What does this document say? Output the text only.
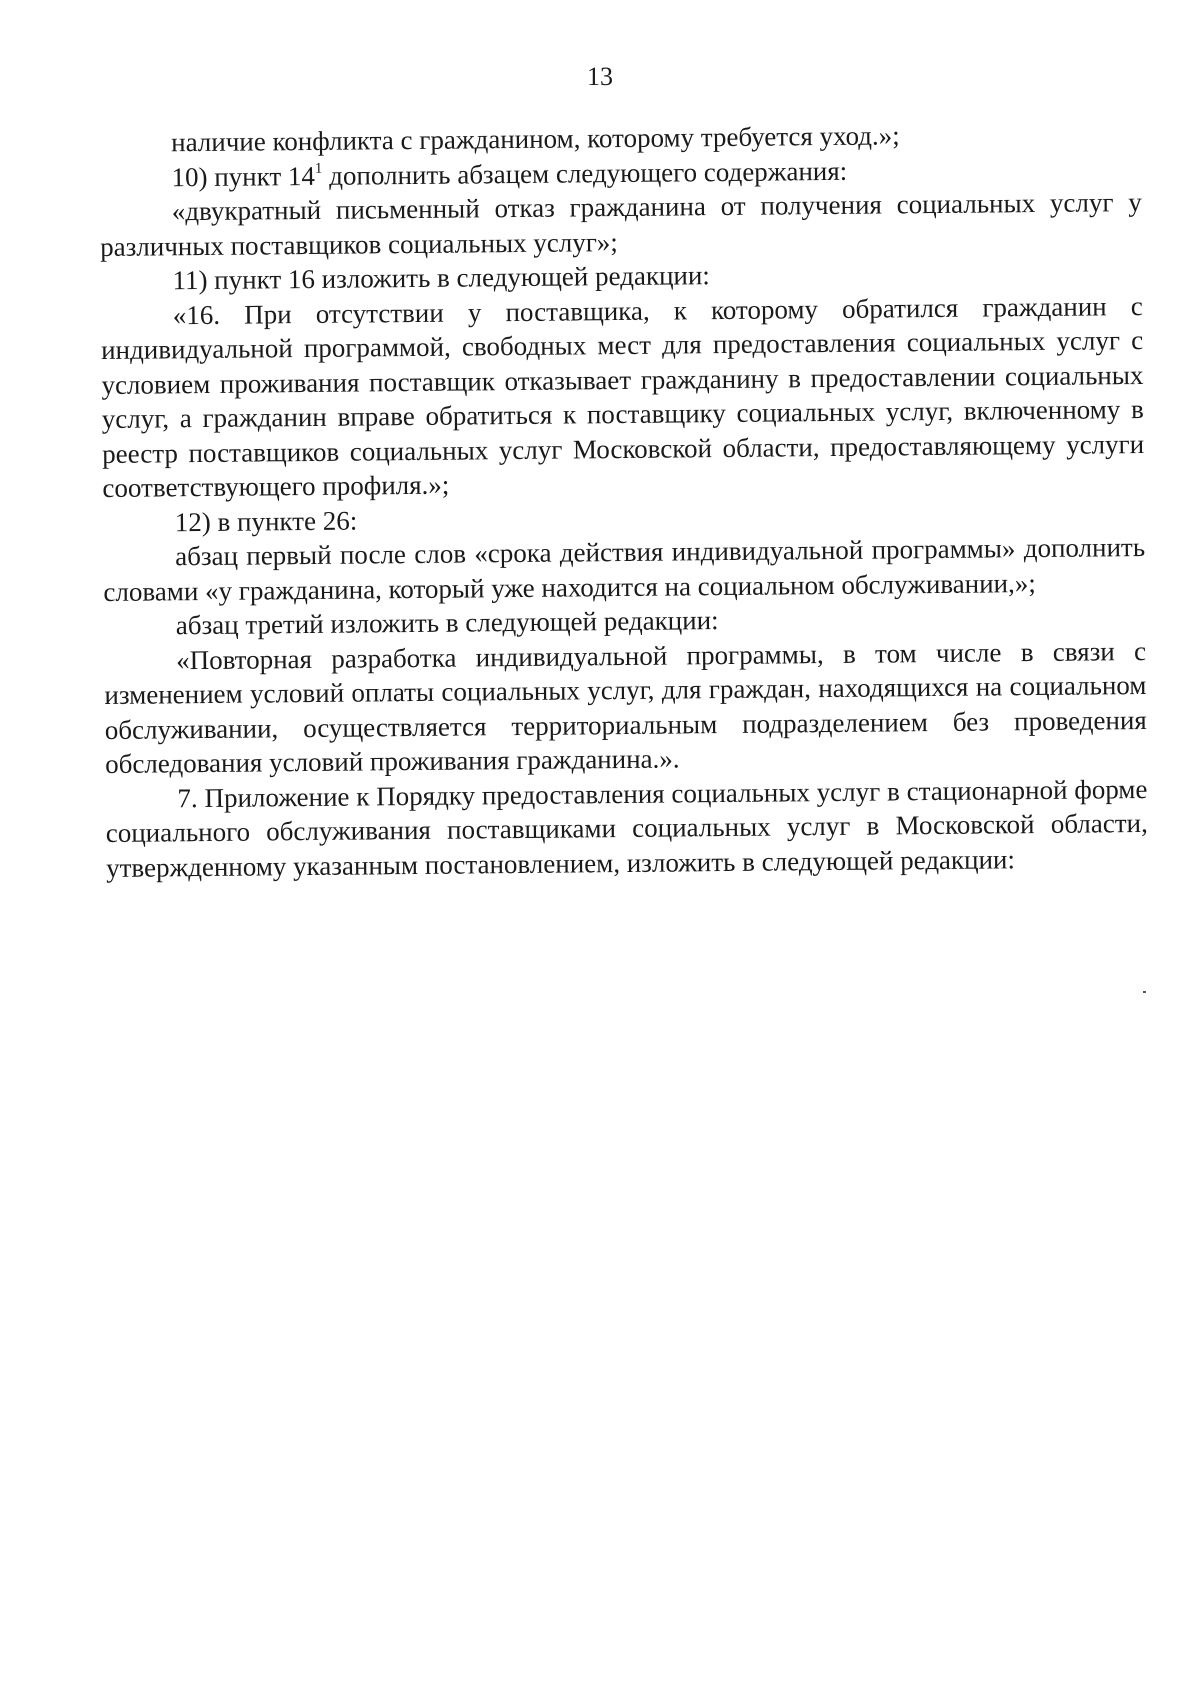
13

наличие конфликта с гражданином, которому требуется уход.»;

10) пункт $14^1$ дополнить абзацем следующего содержания:

«двукратный письменный отказ гражданина от получения социальных услуг у различных поставщиков социальных услуг»;

11) пункт 16 изложить в следующей редакции:

«16. При отсутствии у поставщика, к которому обратился гражданин с индивидуальной программой, свободных мест для предоставления социальных услуг с условием проживания поставщик отказывает гражданину в предоставлении социальных услуг, а гражданин вправе обратиться к поставщику социальных услуг, включенному в реестр поставщиков социальных услуг Московской области, предоставляющему услуги соответствующего профиля.»;

12) в пункте 26:

абзац первый после слов «срока действия индивидуальной программы» дополнить словами «у гражданина, который уже находится на социальном обслуживании,»;

абзац третий изложить в следующей редакции:

«Повторная разработка индивидуальной программы, в том числе в связи с изменением условий оплаты социальных услуг, для граждан, находящихся на социальном обслуживании, осуществляется территориальным подразделением без проведения обследования условий проживания гражданина.».

7. Приложение к Порядку предоставления социальных услуг в стационарной форме социального обслуживания поставщиками социальных услуг в Московской области, утвержденному указанным постановлением, изложить в следующей редакции:
